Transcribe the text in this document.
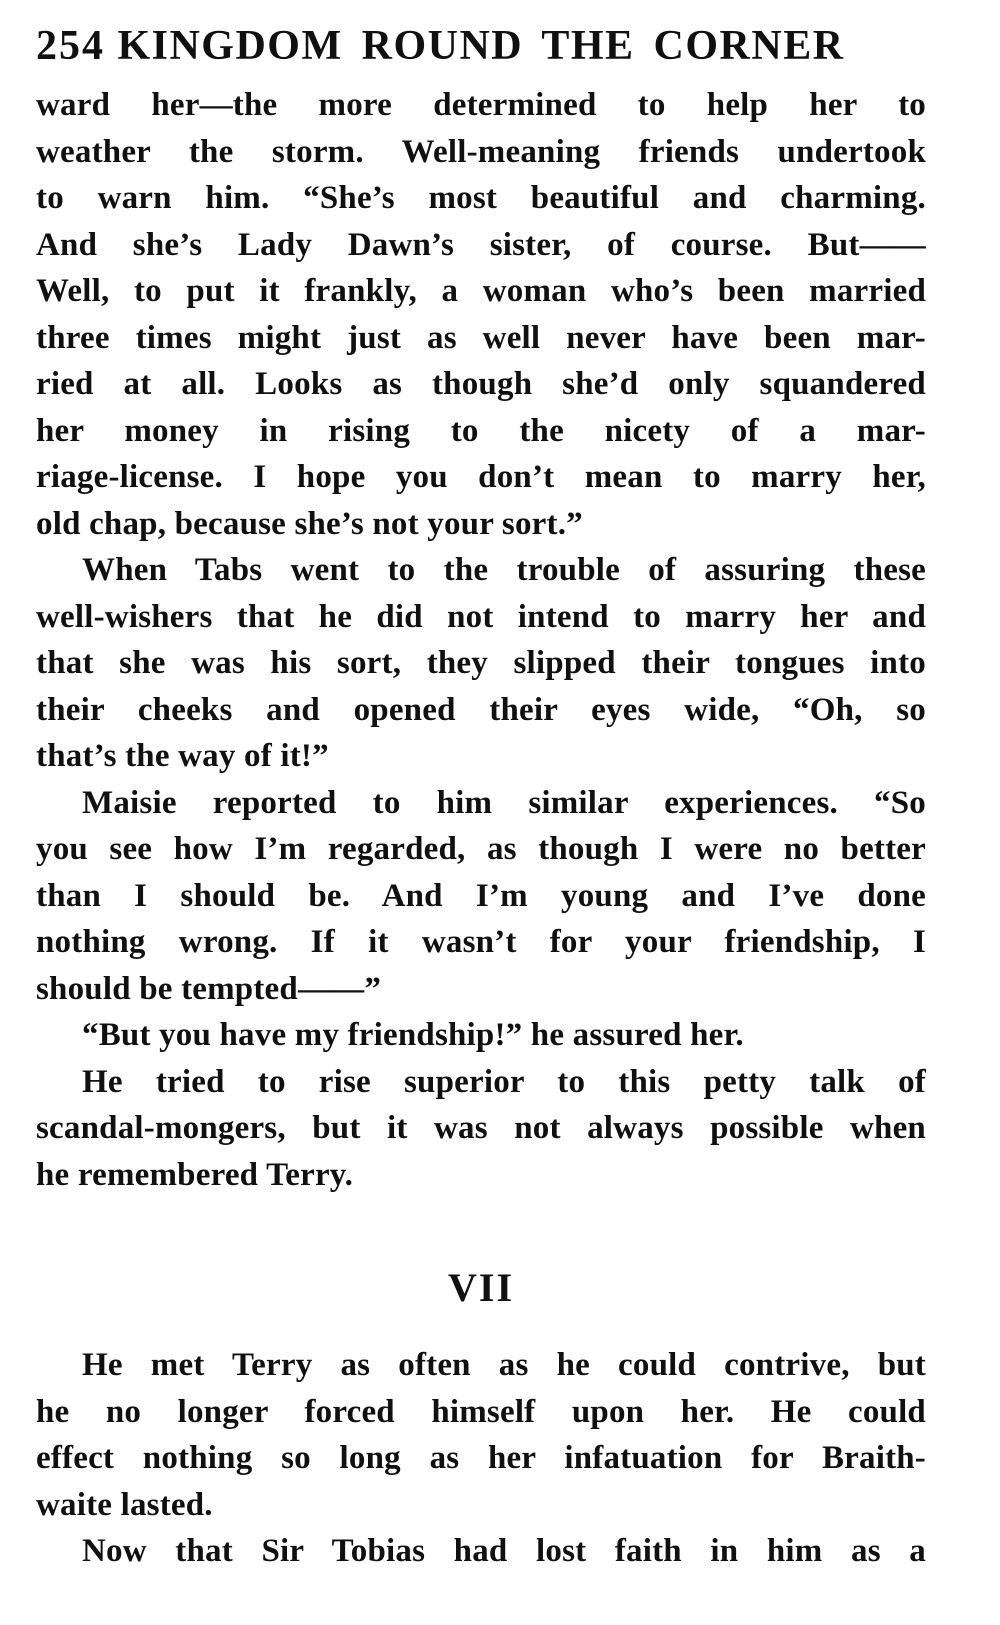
254 KINGDOM ROUND THE CORNER

ward her—the more determined to help her to
weather the storm. Well-meaning friends undertook
to warn him. “She’s most beautiful and charming.
And she’s Lady Dawn’s sister, of course. But——
Well, to put it frankly, a woman who’s been married
three times might just as well never have been mar-
ried at all. Looks as though she’d only squandered
her money in rising to the nicety of a mar-
riage-license. I hope you don’t mean to marry her,
old chap, because she’s not your sort.”

When Tabs went to the trouble of assuring these
well-wishers that he did not intend to marry her and
that she was his sort, they slipped their tongues into
their cheeks and opened their eyes wide, “Oh, so
that’s the way of it!”

Maisie reported to him similar experiences. “So
you see how I’m regarded, as though I were no better
than I should be. And I’m young and I’ve done
nothing wrong. If it wasn’t for your friendship, I
should be tempted——”

“But you have my friendship!” he assured her.

He tried to rise superior to this petty talk of
scandal-mongers, but it was not always possible when
he remembered Terry.

VII

He met Terry as often as he could contrive, but
he no longer forced himself upon her. He could
effect nothing so long as her infatuation for Braith-
waite lasted.

Now that Sir Tobias had lost faith in him as a
